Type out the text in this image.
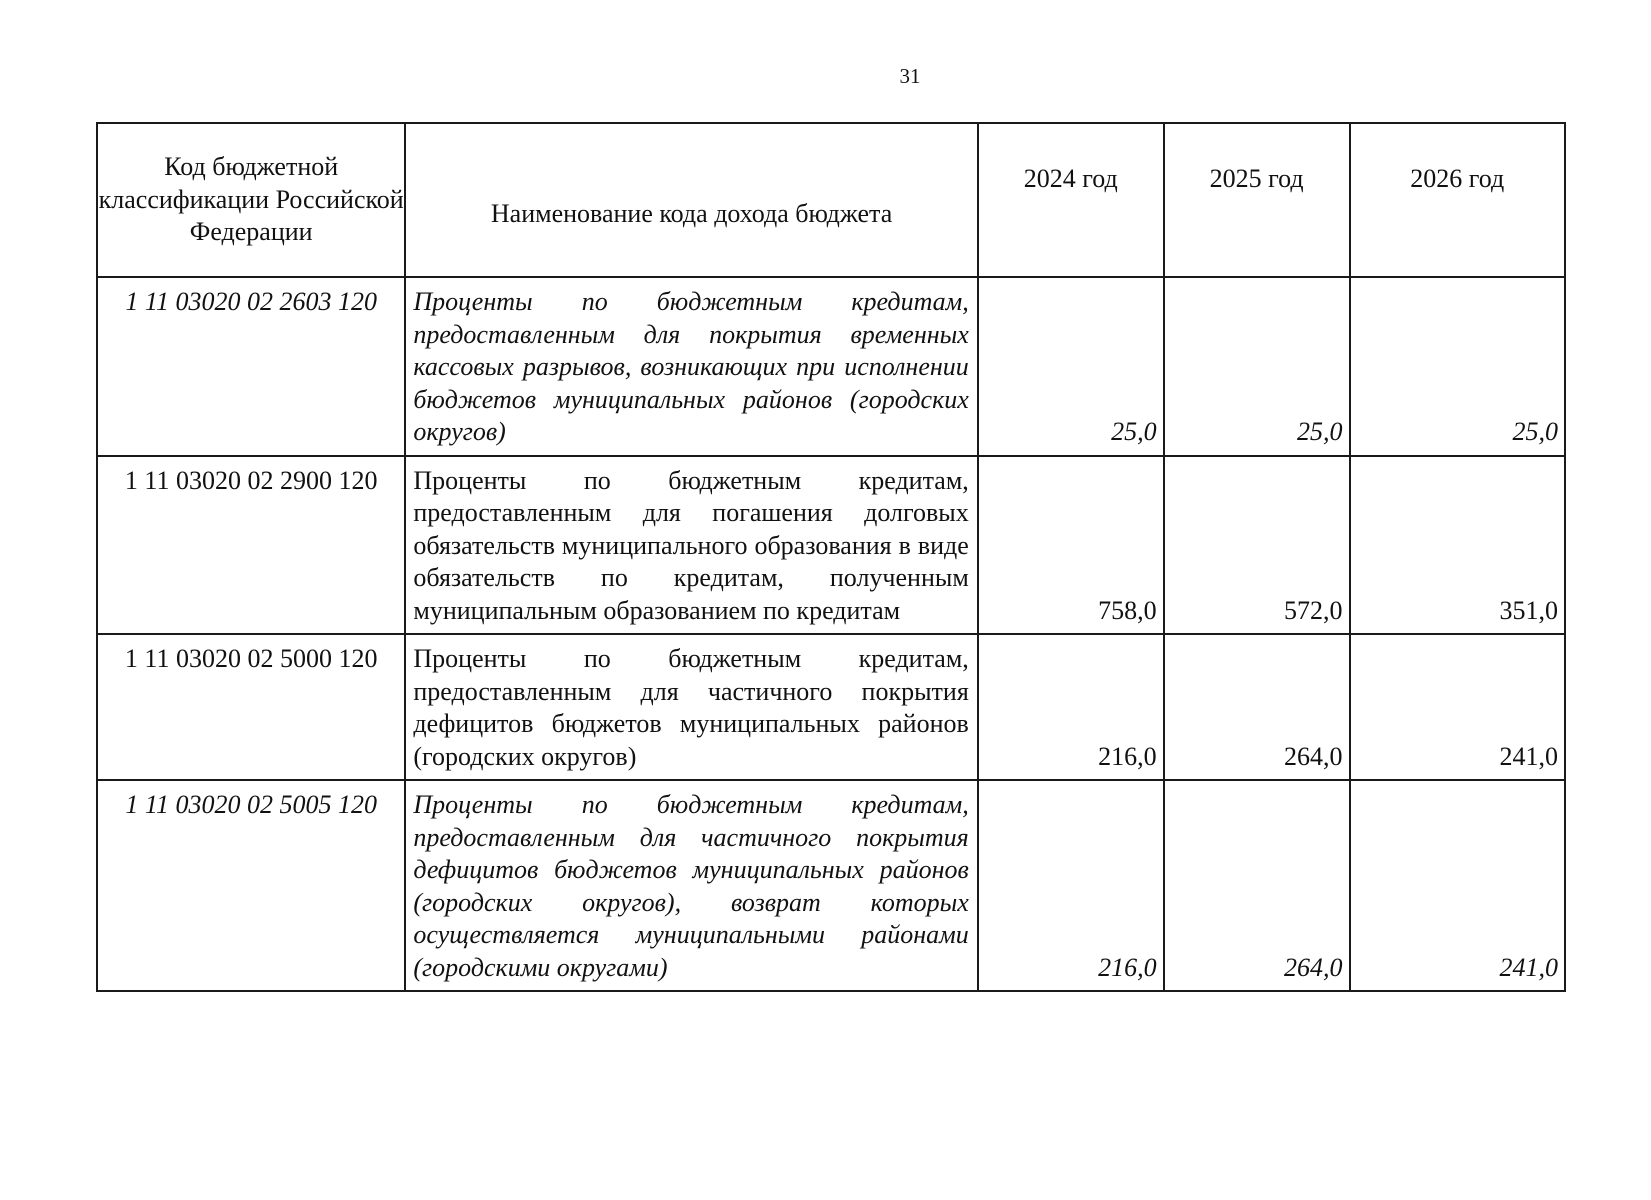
31
Код бюджетной классификации Российской Федерации	Наименование кода дохода бюджета	2024 год	2025 год	2026 год
1 11 03020 02 2603 120	Проценты по бюджетным кредитам, предоставленным для покрытия временных кассовых разрывов, возникающих при исполнении бюджетов муниципальных районов (городских округов)	25,0	25,0	25,0
1 11 03020 02 2900 120	Проценты по бюджетным кредитам, предоставленным для погашения долговых обязательств муниципального образования в виде обязательств по кредитам, полученным муниципальным образованием по кредитам	758,0	572,0	351,0
1 11 03020 02 5000 120	Проценты по бюджетным кредитам, предоставленным для частичного покрытия дефицитов бюджетов муниципальных районов (городских округов)	216,0	264,0	241,0
1 11 03020 02 5005 120	Проценты по бюджетным кредитам, предоставленным для частичного покрытия дефицитов бюджетов муниципальных районов (городских округов), возврат которых осуществляется муниципальными районами (городскими округами)	216,0	264,0	241,0
